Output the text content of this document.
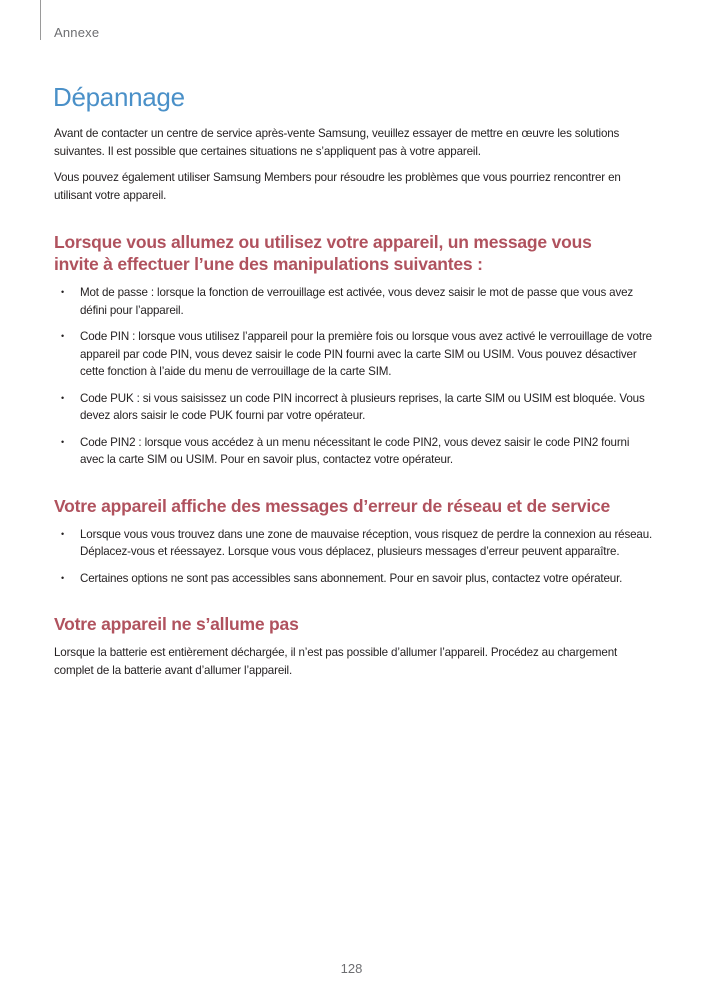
Annexe
Dépannage

Avant de contacter un centre de service après-vente Samsung, veuillez essayer de mettre en œuvre les solutions suivantes. Il est possible que certaines situations ne s’appliquent pas à votre appareil.

Vous pouvez également utiliser Samsung Members pour résoudre les problèmes que vous pourriez rencontrer en utilisant votre appareil.

Lorsque vous allumez ou utilisez votre appareil, un message vous invite à effectuer l’une des manipulations suivantes :
• Mot de passe : lorsque la fonction de verrouillage est activée, vous devez saisir le mot de passe que vous avez défini pour l’appareil.
• Code PIN : lorsque vous utilisez l’appareil pour la première fois ou lorsque vous avez activé le verrouillage de votre appareil par code PIN, vous devez saisir le code PIN fourni avec la carte SIM ou USIM. Vous pouvez désactiver cette fonction à l’aide du menu de verrouillage de la carte SIM.
• Code PUK : si vous saisissez un code PIN incorrect à plusieurs reprises, la carte SIM ou USIM est bloquée. Vous devez alors saisir le code PUK fourni par votre opérateur.
• Code PIN2 : lorsque vous accédez à un menu nécessitant le code PIN2, vous devez saisir le code PIN2 fourni avec la carte SIM ou USIM. Pour en savoir plus, contactez votre opérateur.
Votre appareil affiche des messages d’erreur de réseau et de service
• Lorsque vous vous trouvez dans une zone de mauvaise réception, vous risquez de perdre la connexion au réseau. Déplacez-vous et réessayez. Lorsque vous vous déplacez, plusieurs messages d’erreur peuvent apparaître.
• Certaines options ne sont pas accessibles sans abonnement. Pour en savoir plus, contactez votre opérateur.
Votre appareil ne s’allume pas

Lorsque la batterie est entièrement déchargée, il n’est pas possible d’allumer l’appareil. Procédez au chargement complet de la batterie avant d’allumer l’appareil.

128
